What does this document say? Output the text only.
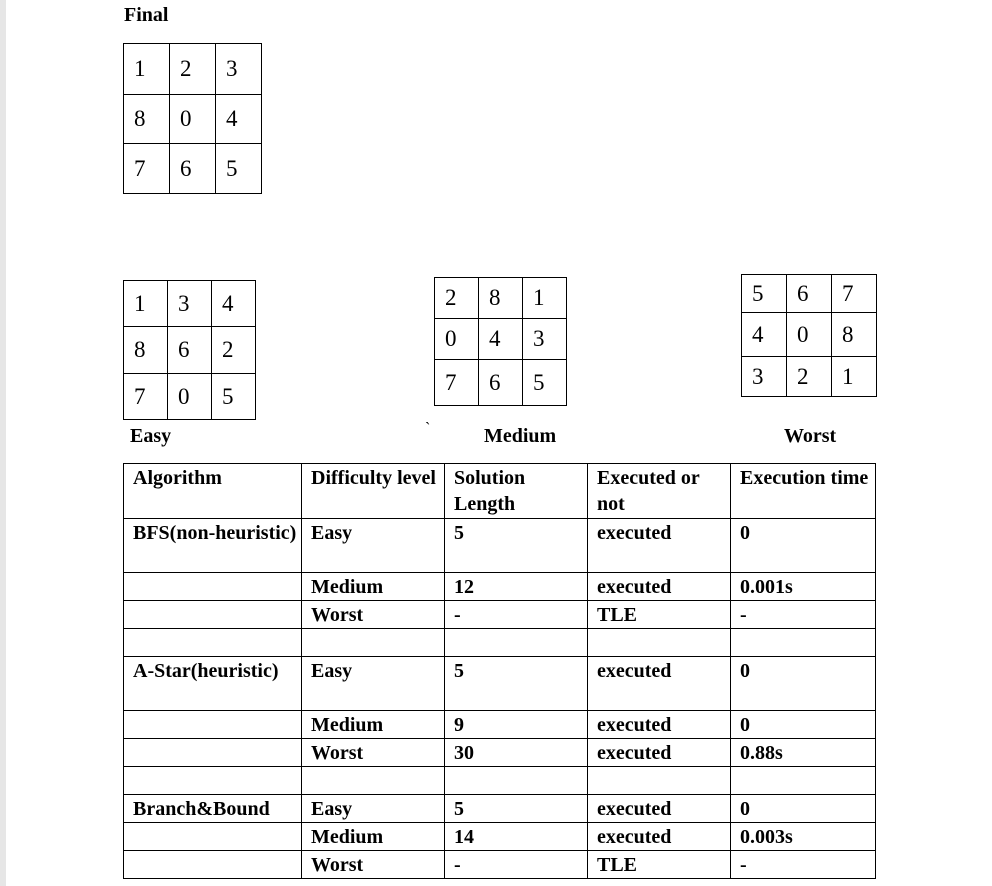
Final
1	2	3
8	0	4
7	6	5
1	3	4
8	6	2
7	0	5
2	8	1
0	4	3
7	6	5
5	6	7
4	0	8
3	2	1
Easy	`	Medium	Worst
Algorithm	Difficulty level	Solution Length	Executed or not	Execution time
BFS(non-heuristic)	Easy	5	executed	0
	Medium	12	executed	0.001s
	Worst	-	TLE	-

A-Star(heuristic)	Easy	5	executed	0
	Medium	9	executed	0
	Worst	30	executed	0.88s

Branch&Bound	Easy	5	executed	0
	Medium	14	executed	0.003s
	Worst	-	TLE	-
